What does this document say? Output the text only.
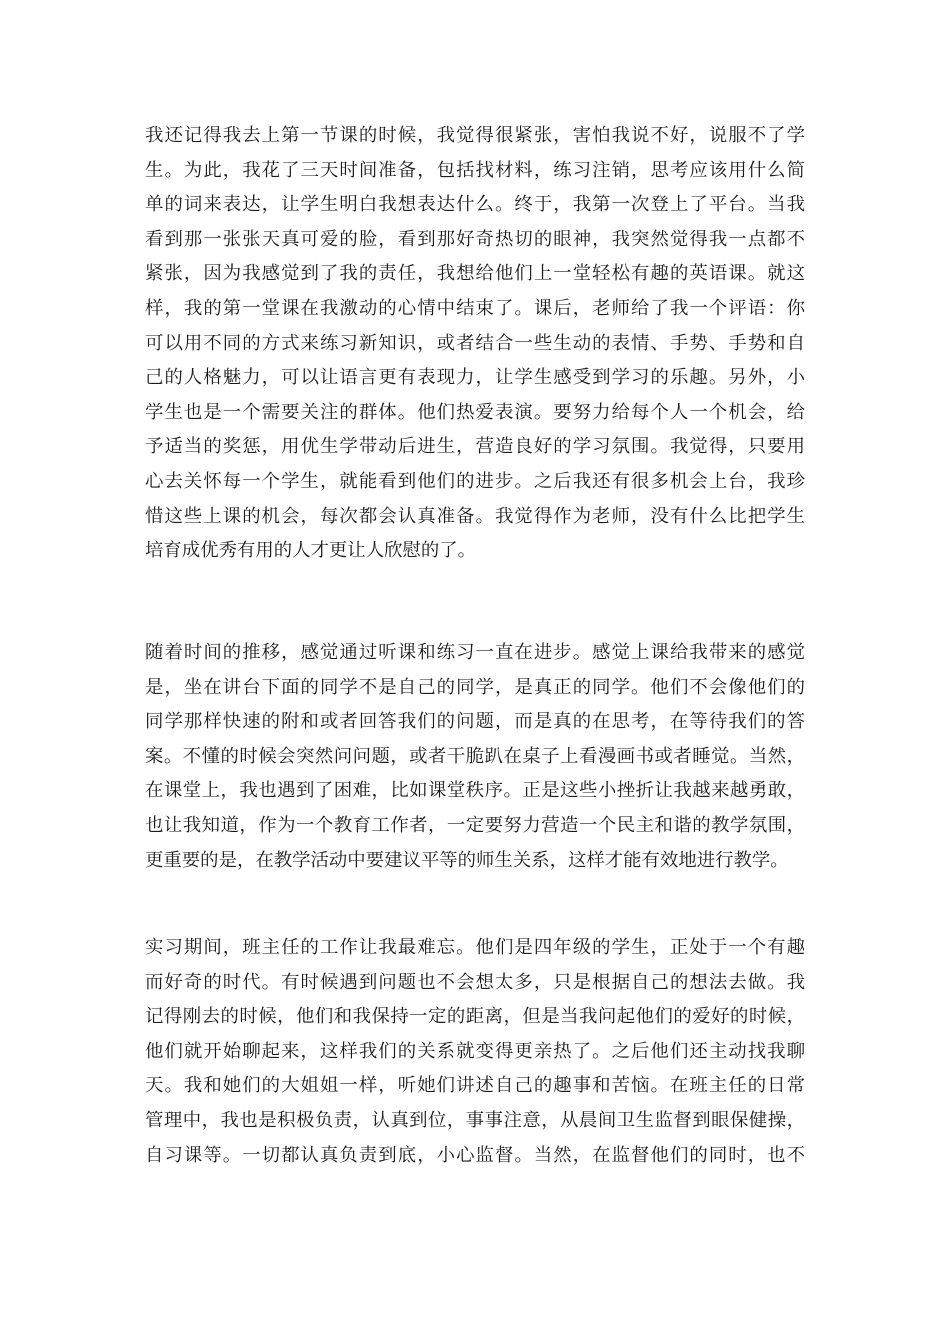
我还记得我去上第一节课的时候，我觉得很紧张，害怕我说不好，说服不了学
生。为此，我花了三天时间准备，包括找材料，练习注销，思考应该用什么简
单的词来表达，让学生明白我想表达什么。终于，我第一次登上了平台。当我
看到那一张张天真可爱的脸，看到那好奇热切的眼神，我突然觉得我一点都不
紧张，因为我感觉到了我的责任，我想给他们上一堂轻松有趣的英语课。就这
样，我的第一堂课在我激动的心情中结束了。课后，老师给了我一个评语：你
可以用不同的方式来练习新知识，或者结合一些生动的表情、手势、手势和自
己的人格魅力，可以让语言更有表现力，让学生感受到学习的乐趣。另外，小
学生也是一个需要关注的群体。他们热爱表演。要努力给每个人一个机会，给
予适当的奖惩，用优生学带动后进生，营造良好的学习氛围。我觉得，只要用
心去关怀每一个学生，就能看到他们的进步。之后我还有很多机会上台，我珍
惜这些上课的机会，每次都会认真准备。我觉得作为老师，没有什么比把学生
培育成优秀有用的人才更让人欣慰的了。
随着时间的推移，感觉通过听课和练习一直在进步。感觉上课给我带来的感觉
是，坐在讲台下面的同学不是自己的同学，是真正的同学。他们不会像他们的
同学那样快速的附和或者回答我们的问题，而是真的在思考，在等待我们的答
案。不懂的时候会突然问问题，或者干脆趴在桌子上看漫画书或者睡觉。当然，
在课堂上，我也遇到了困难，比如课堂秩序。正是这些小挫折让我越来越勇敢，
也让我知道，作为一个教育工作者，一定要努力营造一个民主和谐的教学氛围，
更重要的是，在教学活动中要建议平等的师生关系，这样才能有效地进行教学。
实习期间，班主任的工作让我最难忘。他们是四年级的学生，正处于一个有趣
而好奇的时代。有时候遇到问题也不会想太多，只是根据自己的想法去做。我
记得刚去的时候，他们和我保持一定的距离，但是当我问起他们的爱好的时候，
他们就开始聊起来，这样我们的关系就变得更亲热了。之后他们还主动找我聊
天。我和她们的大姐姐一样，听她们讲述自己的趣事和苦恼。在班主任的日常
管理中，我也是积极负责，认真到位，事事注意，从晨间卫生监督到眼保健操，
自习课等。一切都认真负责到底，小心监督。当然，在监督他们的同时，也不
